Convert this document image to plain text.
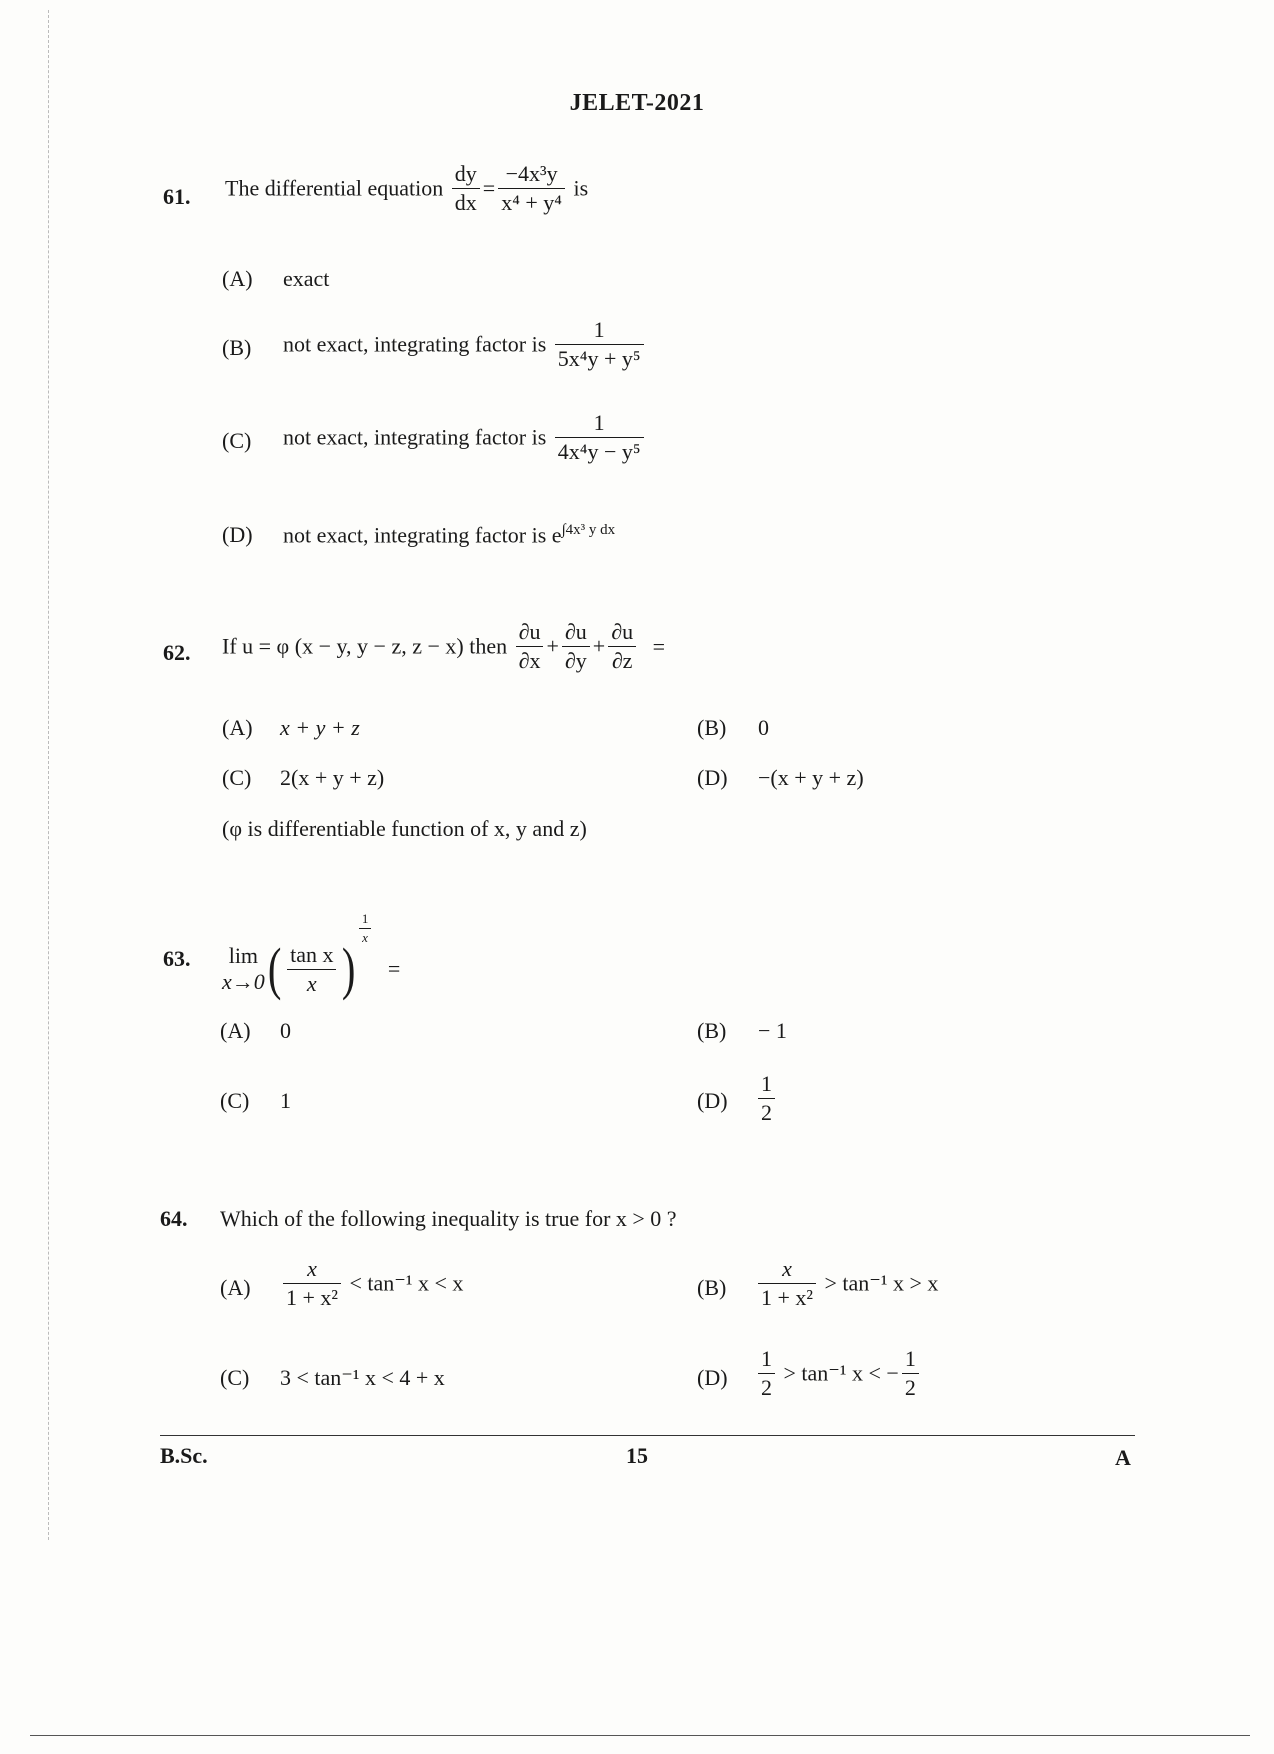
JELET-2021
61. The differential equation $\frac{dy}{dx} = \frac{\text{−4x³y}}{\text{x⁴ + y⁴}}$ is
(A) exact
(B) not exact, integrating factor is $\frac{1}{\text{5x⁴y + y⁵}}$
(C) not exact, integrating factor is $\frac{1}{\text{4x⁴y − y⁵}}$
(D) not exact, integrating factor is $e^{\int 4x^3 y dx}$
62. If u = φ (x − y, y − z, z − x) then $\frac{\partial u}{\partial x} + \frac{\partial u}{\partial y} + \frac{\partial u}{\partial z}$ =
(A) x + y + z	(B) 0
(C) 2(x + y + z)	(D) −(x + y + z)
(φ is differentiable function of x, y and z)
63.	lim
x→0 ( $\frac{\text{tan x}}{x}$ )
$\frac{1}{x}$
=
(A) 0	(B) − 1
(C) 1	$(D) \frac{1}{2}$
64. Which of the following inequality is true for x > 0 ?
$(A) \frac{x}{\text{1 + x²}} < \tan^{-1}$ x < x	$(B) \frac{x}{\text{1 + x²}} > \tan^{-1}$ x > x
(C) 3 < tan⁻¹ x < 4 + x	$(D) \frac{1}{2} > \tan^{-1}$ x < − $\frac{1}{2}$
B.Sc.	15	A
